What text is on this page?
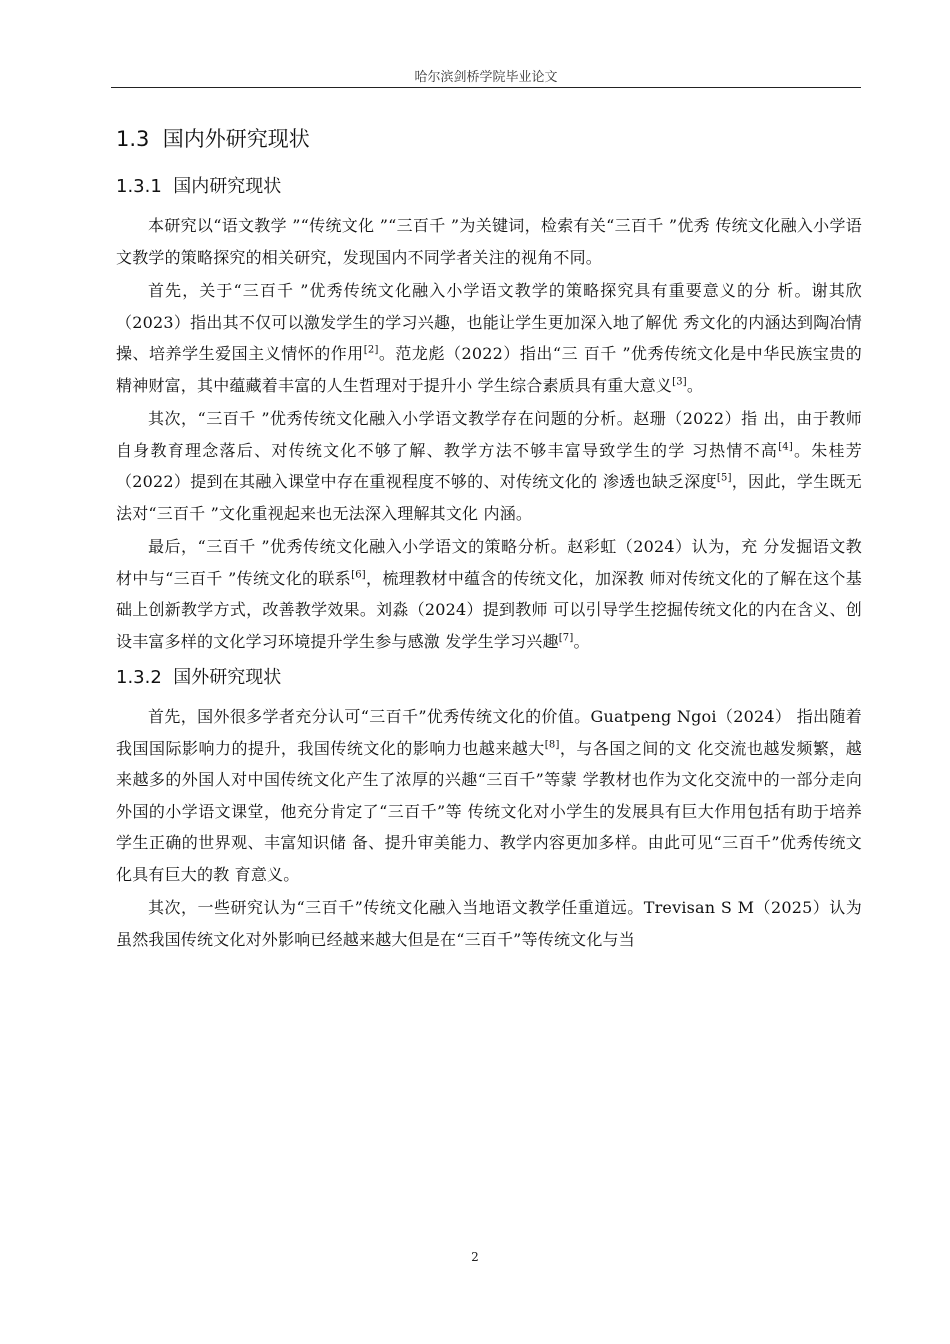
哈尔滨剑桥学院毕业论文
1.3 国内外研究现状
1.3.1 国内研究现状

本研究以“语文教学 ”“传统文化 ”“三百千 ”为关键词，检索有关“三百千 ”优秀 传统文化融入小学语文教学的策略探究的相关研究，发现国内不同学者关注的视角不同。

首先，关于“三百千 ”优秀传统文化融入小学语文教学的策略探究具有重要意义的分 析。谢其欣（2023）指出其不仅可以激发学生的学习兴趣，也能让学生更加深入地了解优 秀文化的内涵达到陶冶情操、培养学生爱国主义情怀的作用[2]。范龙彪（2022）指出“三 百千 ”优秀传统文化是中华民族宝贵的精神财富，其中蕴藏着丰富的人生哲理对于提升小 学生综合素质具有重大意义[3]。

其次，“三百千 ”优秀传统文化融入小学语文教学存在问题的分析。赵珊（2022）指 出，由于教师自身教育理念落后、对传统文化不够了解、教学方法不够丰富导致学生的学 习热情不高[4]。朱桂芳（2022）提到在其融入课堂中存在重视程度不够的、对传统文化的 渗透也缺乏深度[5]，因此，学生既无法对“三百千 ”文化重视起来也无法深入理解其文化 内涵。

最后，“三百千 ”优秀传统文化融入小学语文的策略分析。赵彩虹（2024）认为，充 分发掘语文教材中与“三百千 ”传统文化的联系[6]，梳理教材中蕴含的传统文化，加深教 师对传统文化的了解在这个基础上创新教学方式，改善教学效果。刘淼（2024）提到教师 可以引导学生挖掘传统文化的内在含义、创设丰富多样的文化学习环境提升学生参与感激 发学生学习兴趣[7]。

1.3.2 国外研究现状

首先，国外很多学者充分认可“三百千”优秀传统文化的价值。Guatpeng Ngoi（2024） 指出随着我国国际影响力的提升，我国传统文化的影响力也越来越大[8]，与各国之间的文 化交流也越发频繁，越来越多的外国人对中国传统文化产生了浓厚的兴趣“三百千”等蒙 学教材也作为文化交流中的一部分走向外国的小学语文课堂，他充分肯定了“三百千”等 传统文化对小学生的发展具有巨大作用包括有助于培养学生正确的世界观、丰富知识储 备、提升审美能力、教学内容更加多样。由此可见“三百千”优秀传统文化具有巨大的教 育意义。

其次，一些研究认为“三百千”传统文化融入当地语文教学任重道远。Trevisan S M（2025）认为虽然我国传统文化对外影响已经越来越大但是在“三百千”等传统文化与当

2
